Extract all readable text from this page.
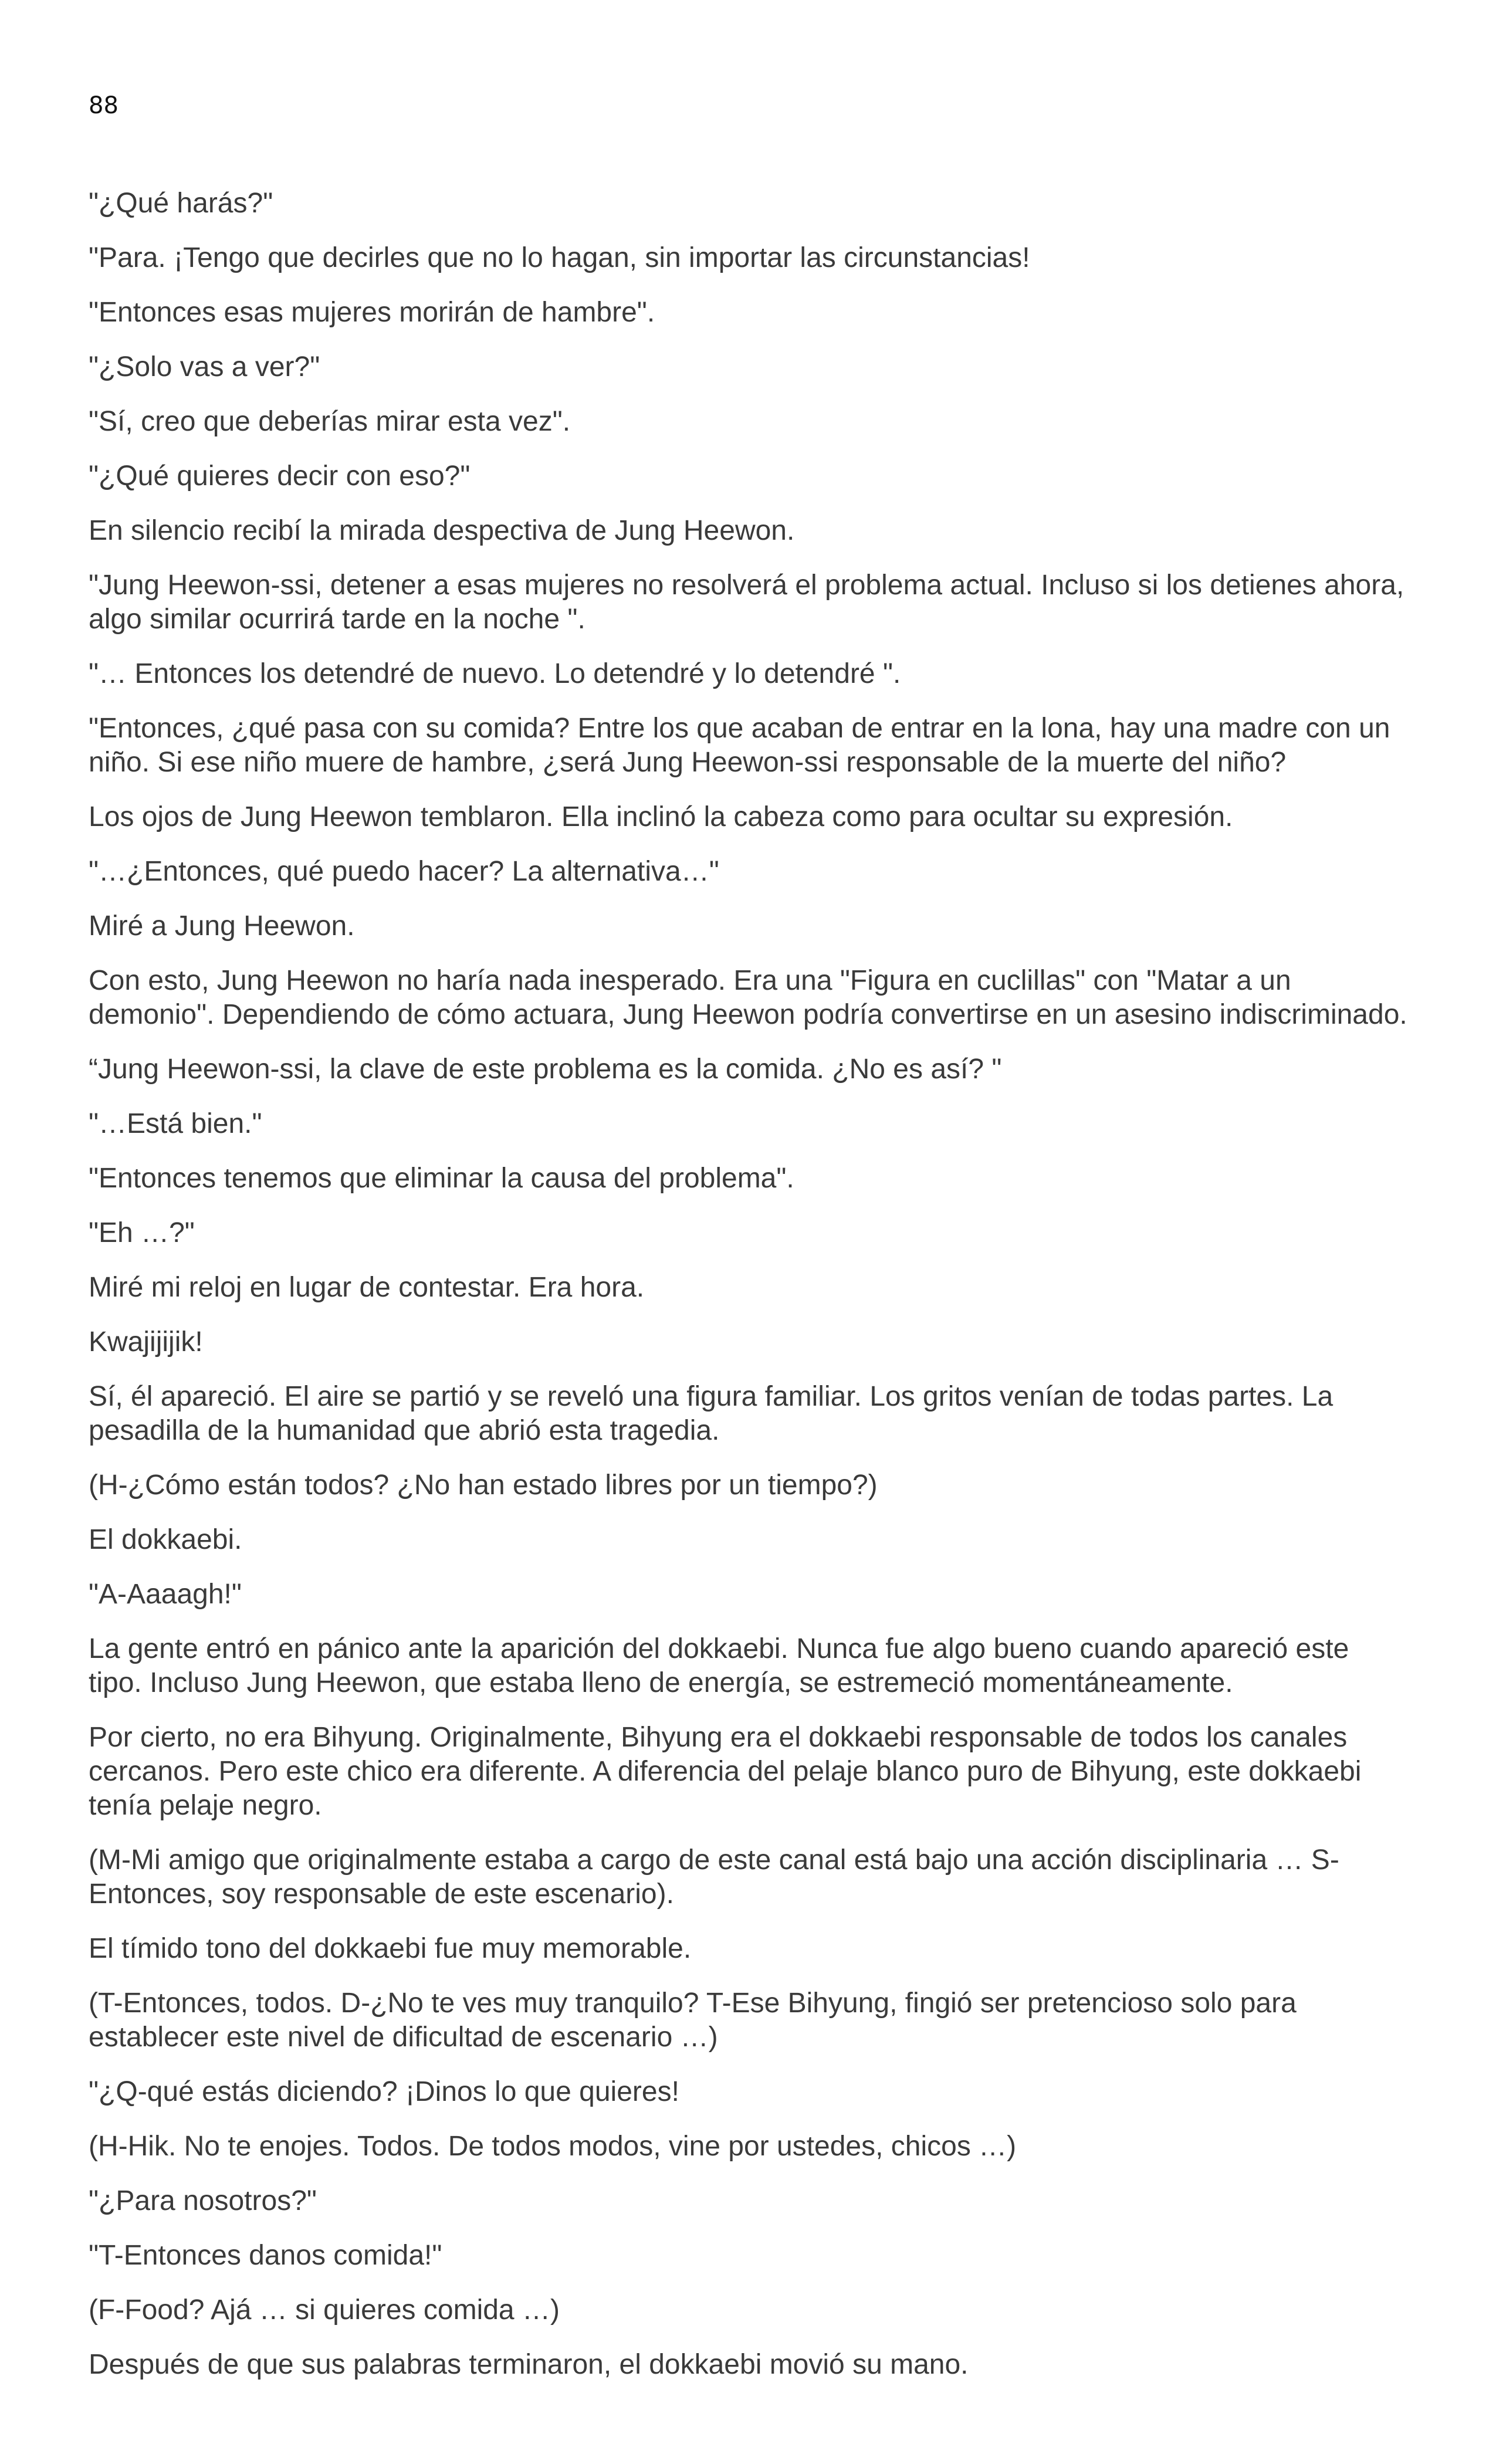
88

"¿Qué harás?"

"Para. ¡Tengo que decirles que no lo hagan, sin importar las circunstancias!

"Entonces esas mujeres morirán de hambre".

"¿Solo vas a ver?"

"Sí, creo que deberías mirar esta vez".

"¿Qué quieres decir con eso?"

En silencio recibí la mirada despectiva de Jung Heewon.

"Jung Heewon-ssi, detener a esas mujeres no resolverá el problema actual. Incluso si los detienes ahora, algo similar ocurrirá tarde en la noche ".

"… Entonces los detendré de nuevo. Lo detendré y lo detendré ".

"Entonces, ¿qué pasa con su comida? Entre los que acaban de entrar en la lona, hay una madre con un niño. Si ese niño muere de hambre, ¿será Jung Heewon-ssi responsable de la muerte del niño?

Los ojos de Jung Heewon temblaron. Ella inclinó la cabeza como para ocultar su expresión.

"…¿Entonces, qué puedo hacer? La alternativa…"

Miré a Jung Heewon.

Con esto, Jung Heewon no haría nada inesperado. Era una "Figura en cuclillas" con "Matar a un demonio". Dependiendo de cómo actuara, Jung Heewon podría convertirse en un asesino indiscriminado.

“Jung Heewon-ssi, la clave de este problema es la comida. ¿No es así? "

"…Está bien."

"Entonces tenemos que eliminar la causa del problema".

"Eh …?"

Miré mi reloj en lugar de contestar. Era hora.

Kwajijijik!

Sí, él apareció. El aire se partió y se reveló una figura familiar. Los gritos venían de todas partes. La pesadilla de la humanidad que abrió esta tragedia.

(H-¿Cómo están todos? ¿No han estado libres por un tiempo?)

El dokkaebi.

"A-Aaaagh!"

La gente entró en pánico ante la aparición del dokkaebi. Nunca fue algo bueno cuando apareció este tipo. Incluso Jung Heewon, que estaba lleno de energía, se estremeció momentáneamente.

Por cierto, no era Bihyung. Originalmente, Bihyung era el dokkaebi responsable de todos los canales cercanos. Pero este chico era diferente. A diferencia del pelaje blanco puro de Bihyung, este dokkaebi tenía pelaje negro.

(M-Mi amigo que originalmente estaba a cargo de este canal está bajo una acción disciplinaria … S-Entonces, soy responsable de este escenario).

El tímido tono del dokkaebi fue muy memorable.

(T-Entonces, todos. D-¿No te ves muy tranquilo? T-Ese Bihyung, fingió ser pretencioso solo para establecer este nivel de dificultad de escenario …)

"¿Q-qué estás diciendo? ¡Dinos lo que quieres!

(H-Hik. No te enojes. Todos. De todos modos, vine por ustedes, chicos …)

"¿Para nosotros?"

"T-Entonces danos comida!"

(F-Food? Ajá … si quieres comida …)

Después de que sus palabras terminaron, el dokkaebi movió su mano.
